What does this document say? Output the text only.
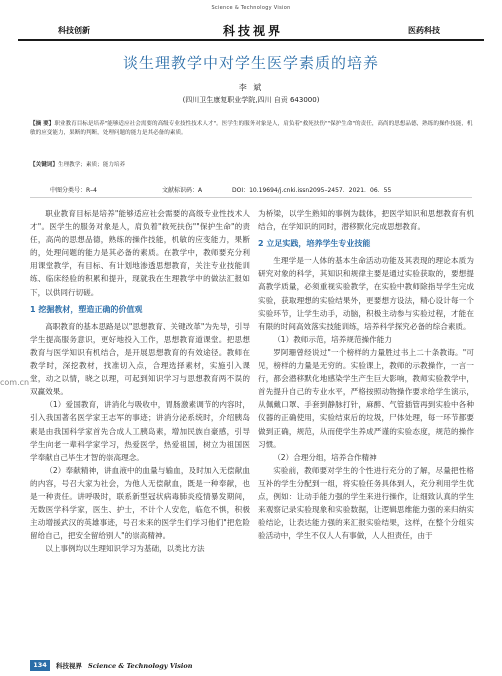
Science & Technology Vision
科技创新	科技视界	医药科技
谈生理教学中对学生医学素质的培养
李 斌
(四川卫生康复职业学院,四川 自贡 643000)
【摘 要】职业教育目标是培养"能够适应社会需要的高级专业技性技术人才"。医学生的服务对象是人，肩负着"救死扶伤""保护生命"的责任，高尚的思想品德，熟练的操作技能，机敏的应变能力，果断的判断，处理问题的能力是其必备的素质。
【关键词】生理教学；素质；能力培养
中图分类号：R–4	文献标识码：A	DOI：10.19694/j.cnki.issn2095–2457．2021．06．55

职业教育目标是培养"能够适应社会需要的高级专业性技术人才"。医学生的服务对象是人，肩负着"救死扶伤""保护生命"的责任，高尚的思想品德，熟练的操作技能，机敏的应变能力，果断的，处理问题的能力是其必备的素质。在教学中，教师要充分利用课堂教学，有目标、有计划地渗透思想教育，关注专业技能训练、临床经验的积累和提升，现就我在生理教学中的做法汇报如下，以供同行切磋。

1 挖掘教材，塑造正确的价值观

高职教育的基本思路是以"思想教育、关键改革"为先导，引导学生提高服务意识，更好地投入工作，思想教育道课堂。把思想教育与医学知识有机结合，是开展思想教育的有效途径。教师在教学时，深挖教材，找准切入点，合理选择素材，实施引入课堂，动之以情，晓之以理，可起到知识学习与思想教育两不误的双赢效果。

（1）爱国教育，讲消化与吸收中，胃肠激素调节的内容时，引入我国著名医学家王志军的事迹；讲消分泌系统时，介绍胰岛素是由我国科学家首先合成人工胰岛素，增加民族自豪感，引导学生向老一辈科学家学习，热爱医学，热爱祖国，树立为祖国医学奉献自己毕生才智的崇高理念。

（2）奉献精神，讲血液中的血量与输血，及时加入无偿献血的内容，号召大家为社会，为他人无偿献血，既是一种奉献，也是一种责任。讲呼吸时，联系新型冠状病毒肺炎疫情暴发期间，无数医学科学家，医生、护士，不计个人安危，临危不惧，积极主动增援武汉的英雄事迹，号召未来的医学生们学习他们"把危险留给自己，把安全留给别人"的崇高精神。

以上事例均以生理知识学习为基础，以类比方法

为桥梁，以学生熟知的事例为载体，把医学知识和思想教育有机结合，在学知识的同时，潜移默化完成思想教育。

2 立足实践，培养学生专业技能

生理学是一人体的基本生命活动功能及其表现的理论本质为研究对象的科学，其知识和规律主要是通过实验获取的，要想提高教学质量，必须重视实验教学，在实验中教师除指导学生完成实验，获取理想的实验结果外，更要想方设法，精心设计每一个实验环节，让学生动手，动脑，积极主动参与实验过程，才能在有限的时间高效落实技能训练，培养科学探究必备的综合素质。

（1）教师示范，培养规范操作能力

罗阿珊曾经说过"一个榜样的力量胜过书上二十条教诲。"可见，榜样的力量是无穷的。实验课上，教师的示教操作，一言一行，都会潜移默化地感染学生产生巨大影响，教师实验教学中，首先提升自己的专业水平，严格按照动物操作要求给学生演示，从佩戴口罩、手套到静脉打针，麻醉、气管插管再到实验中各种仪器的正确使用，实验结束后的垃圾，尸体处理，每一环节都要做到正确，规范，从而使学生养成严谨的实验态度，规范的操作习惯。

（2）合理分组，培养合作精神

实验前，教师要对学生的个性进行充分的了解，尽量把性格互补的学生分配到一组，将实验任务具体到人，充分利用学生优点，例如：让动手能力强的学生来进行操作，让细致认真的学生来观察记录实验现象和实验数据，让逻辑思维能力强的来归纳实验结论，让表达能力强的来汇报实验结果，这样，在整个分组实验活动中，学生不仅人人有事做，人人担责任，由于

com.cn
134	科技视界 Science & Technology Vision
